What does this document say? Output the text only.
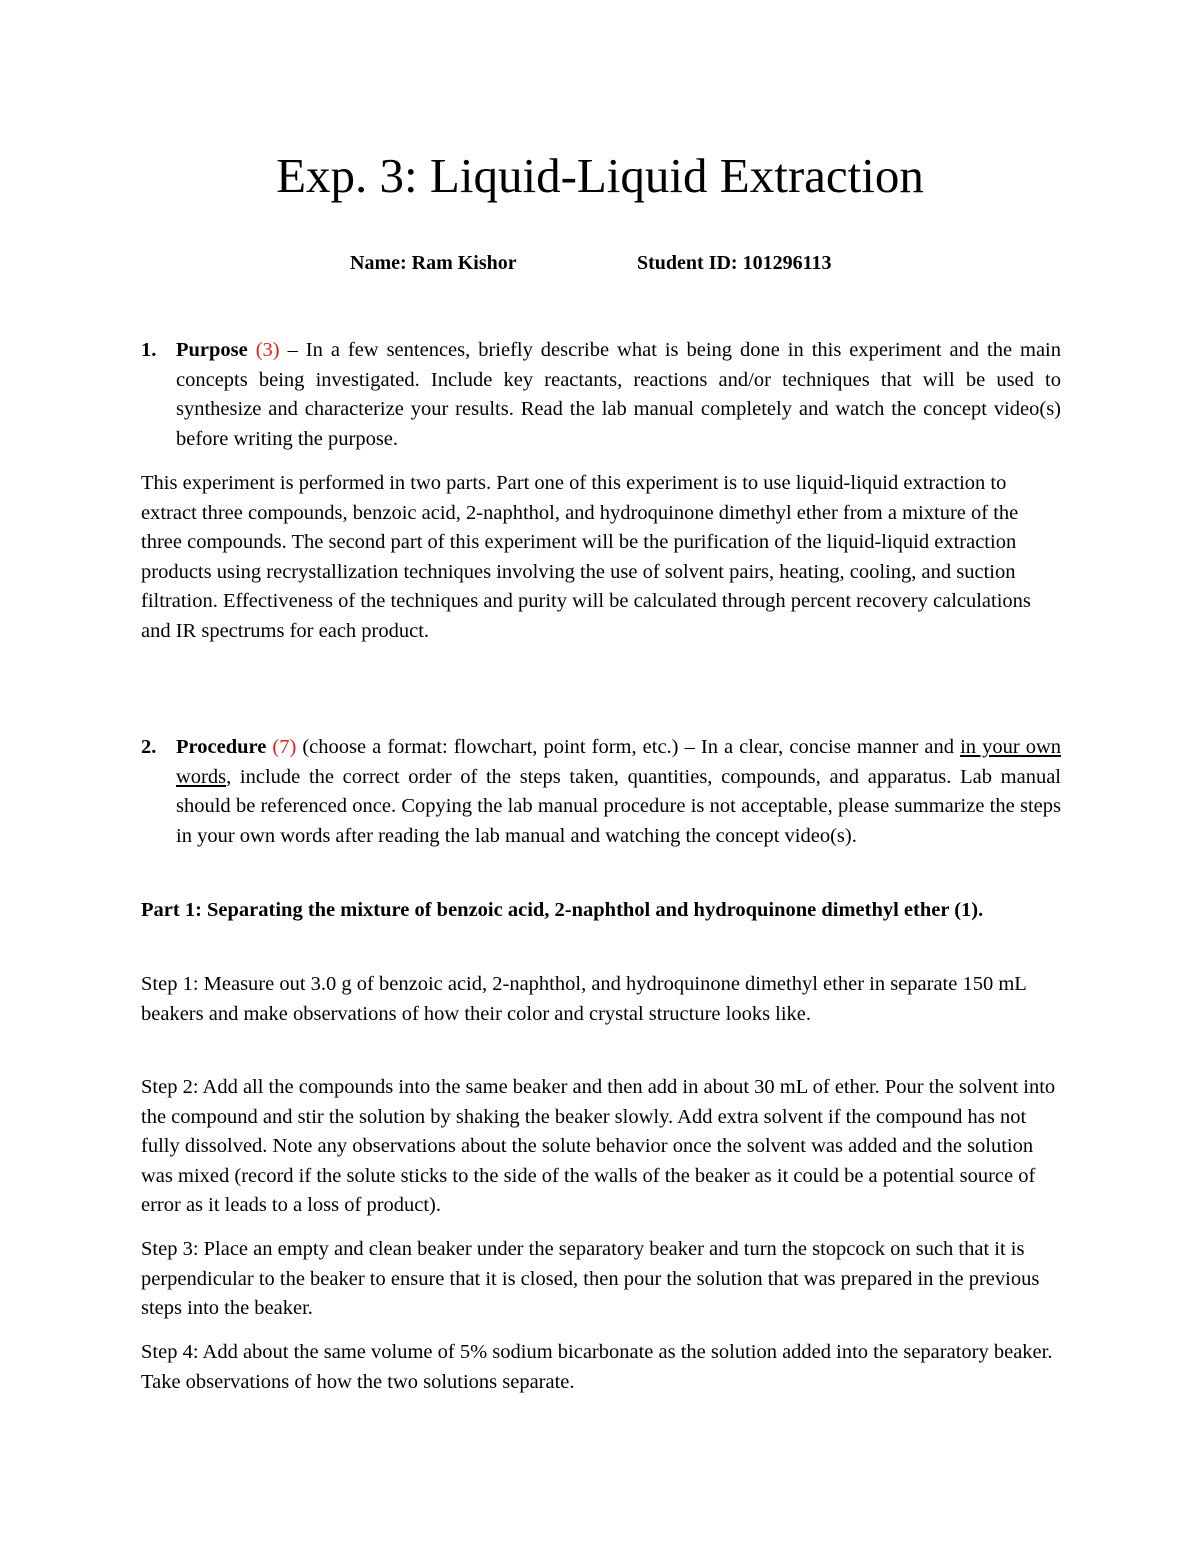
Exp. 3: Liquid-Liquid Extraction
Name: Ram Kishor	Student ID: 101296113
1. Purpose (3) – In a few sentences, briefly describe what is being done in this experiment and the main concepts being investigated. Include key reactants, reactions and/or techniques that will be used to synthesize and characterize your results. Read the lab manual completely and watch the concept video(s) before writing the purpose.

This experiment is performed in two parts. Part one of this experiment is to use liquid-liquid extraction to extract three compounds, benzoic acid, 2-naphthol, and hydroquinone dimethyl ether from a mixture of the three compounds. The second part of this experiment will be the purification of the liquid-liquid extraction products using recrystallization techniques involving the use of solvent pairs, heating, cooling, and suction filtration. Effectiveness of the techniques and purity will be calculated through percent recovery calculations and IR spectrums for each product.

2. Procedure (7) (choose a format: flowchart, point form, etc.) – In a clear, concise manner and in your own words, include the correct order of the steps taken, quantities, compounds, and apparatus. Lab manual should be referenced once. Copying the lab manual procedure is not acceptable, please summarize the steps in your own words after reading the lab manual and watching the concept video(s).

Part 1: Separating the mixture of benzoic acid, 2-naphthol and hydroquinone dimethyl ether (1).

Step 1: Measure out 3.0 g of benzoic acid, 2-naphthol, and hydroquinone dimethyl ether in separate 150 mL beakers and make observations of how their color and crystal structure looks like.

Step 2: Add all the compounds into the same beaker and then add in about 30 mL of ether. Pour the solvent into the compound and stir the solution by shaking the beaker slowly. Add extra solvent if the compound has not fully dissolved. Note any observations about the solute behavior once the solvent was added and the solution was mixed (record if the solute sticks to the side of the walls of the beaker as it could be a potential source of error as it leads to a loss of product).

Step 3: Place an empty and clean beaker under the separatory beaker and turn the stopcock on such that it is perpendicular to the beaker to ensure that it is closed, then pour the solution that was prepared in the previous steps into the beaker.

Step 4: Add about the same volume of 5% sodium bicarbonate as the solution added into the separatory beaker. Take observations of how the two solutions separate.
